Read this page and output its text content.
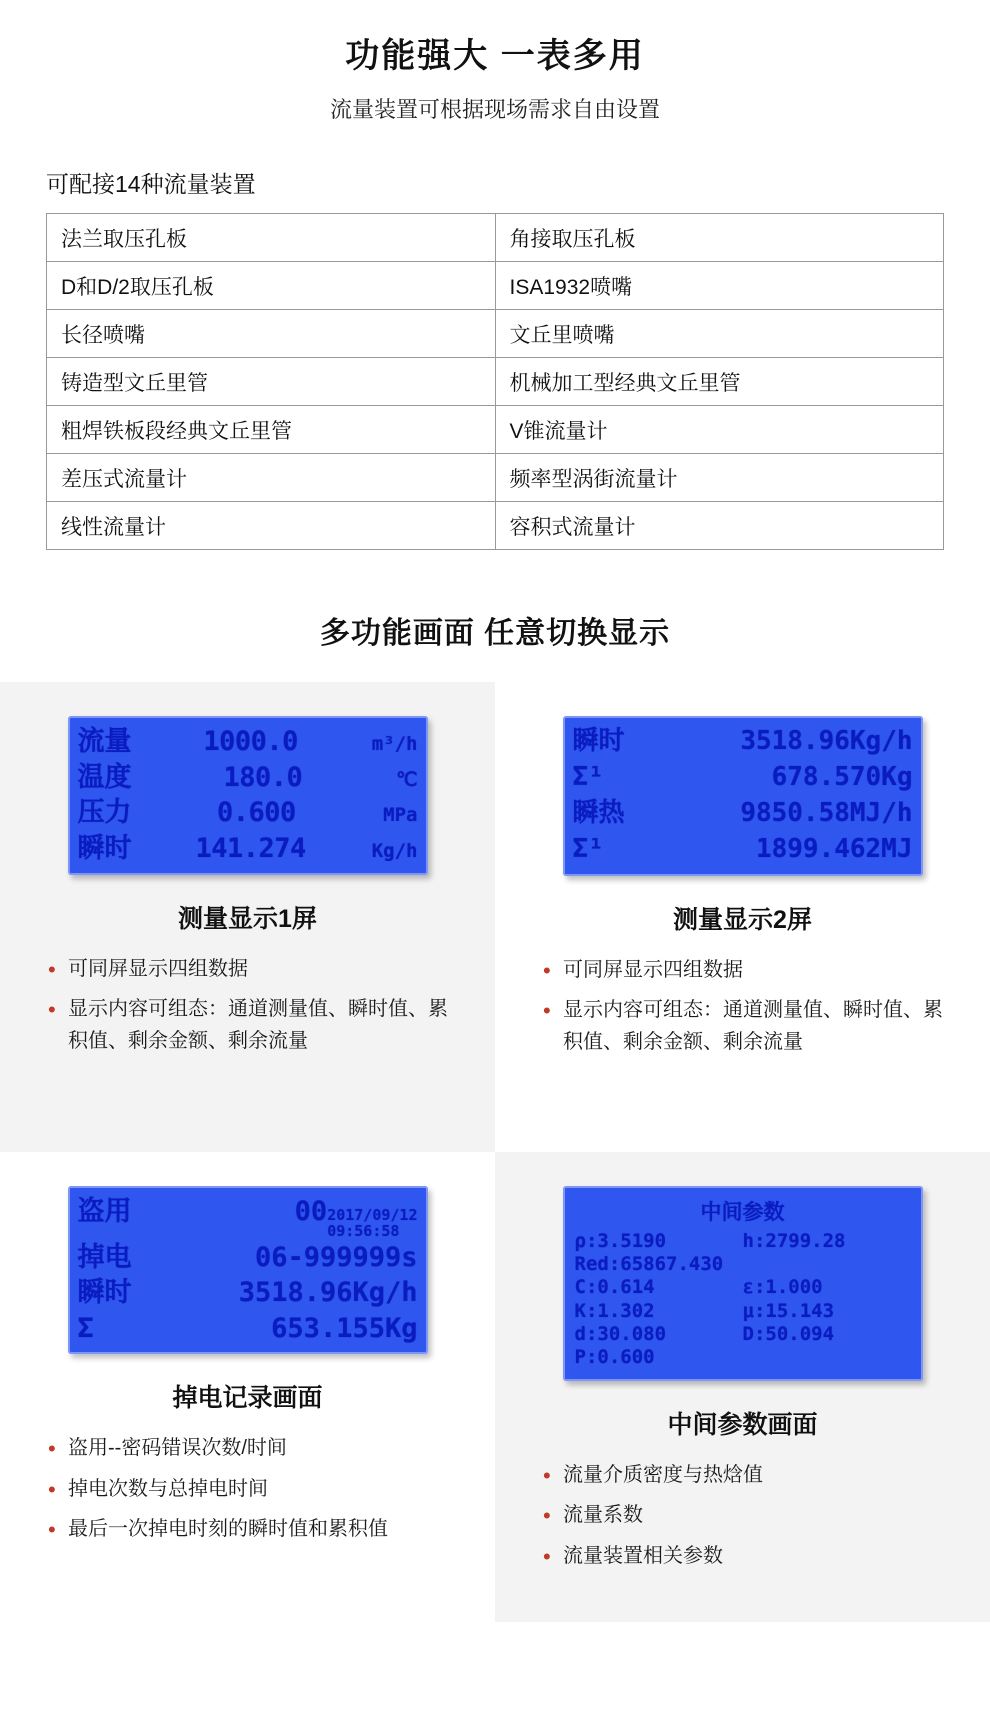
功能强大 一表多用
流量装置可根据现场需求自由设置
可配接14种流量装置
法兰取压孔板	角接取压孔板
D和D/2取压孔板	ISA1932喷嘴
长径喷嘴	文丘里喷嘴
铸造型文丘里管	机械加工型经典文丘里管
粗焊铁板段经典文丘里管	V锥流量计
差压式流量计	频率型涡街流量计
线性流量计	容积式流量计
多功能画面 任意切换显示
流量	1000.0	m³/h
温度	180.0	℃
压力	0.600	MPa
瞬时 141.274	Kg/h
测量显示1屏
• 可同屏显示四组数据
• 显示内容可组态：通道测量值、瞬时值、累积值、剩余金额、剩余流量
瞬时	3518.96Kg/h
Σ¹	678.570Kg
瞬热	9850.58MJ/h
Σ¹	1899.462MJ
测量显示2屏
• 可同屏显示四组数据
• 显示内容可组态：通道测量值、瞬时值、累积值、剩余金额、剩余流量
盗用	00 2017/09/12
09:56:58
掉电	06-999999s
瞬时	3518.96Kg/h
Σ	653.155Kg
掉电记录画面
• 盗用--密码错误次数/时间
• 掉电次数与总掉电时间
• 最后一次掉电时刻的瞬时值和累积值
中间参数
ρ:3.5190	h:2799.28
Red:65867.430
C:0.614	ε:1.000
K:1.302	μ:15.143
d:30.080	D:50.094
P:0.600
中间参数画面
• 流量介质密度与热焓值
• 流量系数
• 流量装置相关参数
